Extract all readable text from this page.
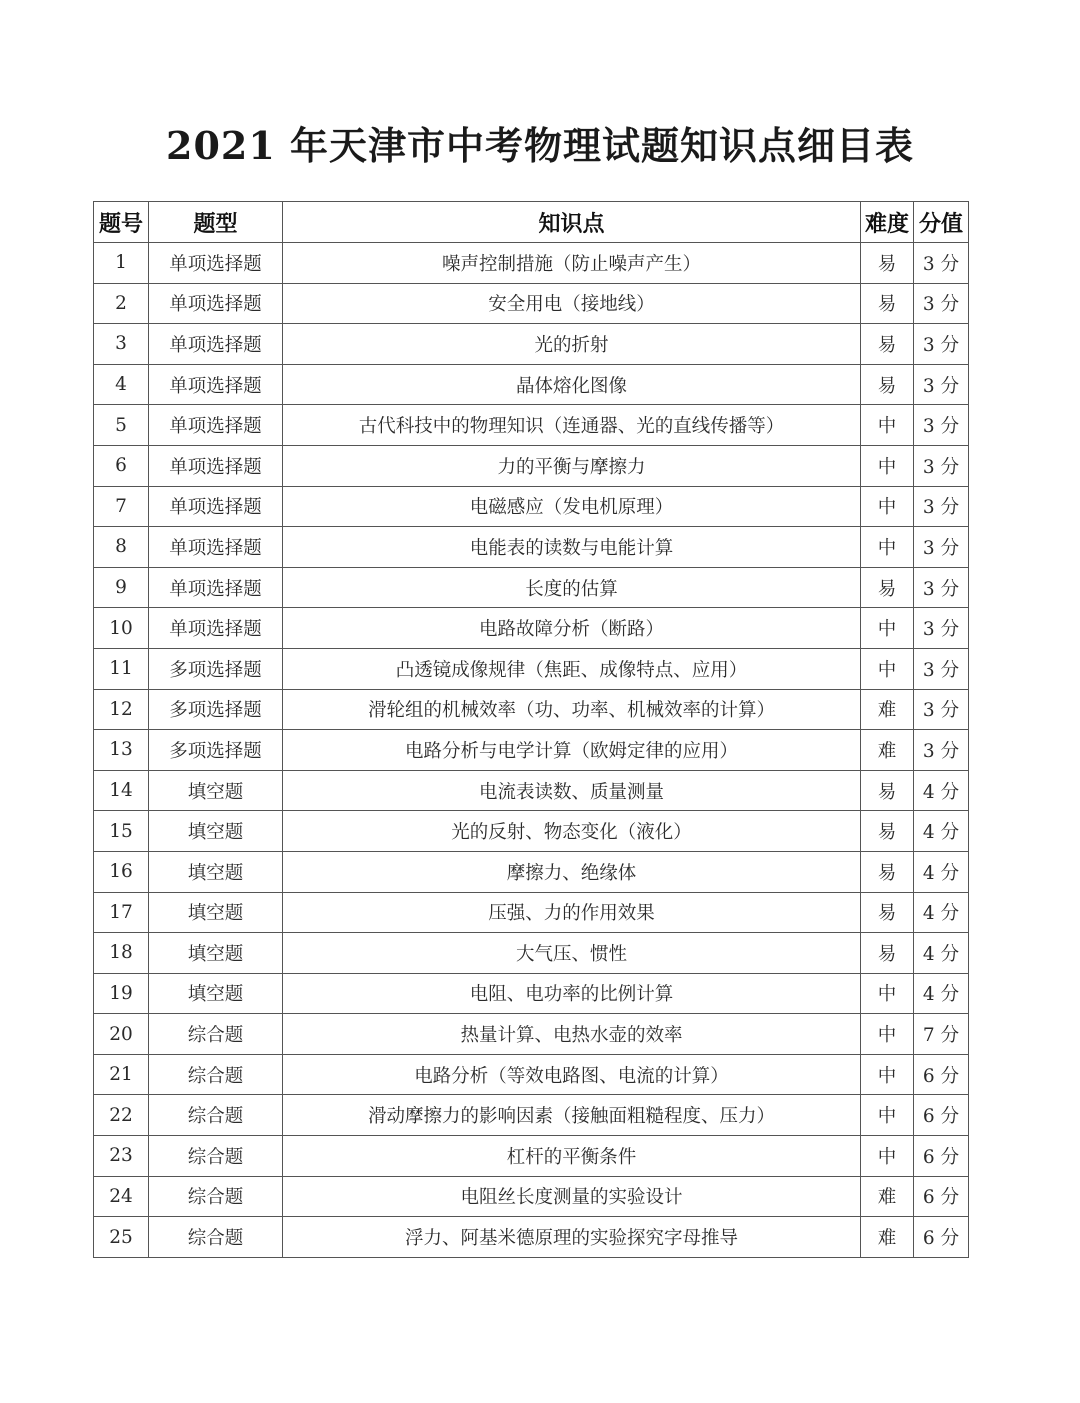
2021 年天津市中考物理试题知识点细目表
题号	题型	知识点	难度	分值
1	单项选择题	噪声控制措施（防止噪声产生）	易	3 分
2	单项选择题	安全用电（接地线）	易	3 分
3	单项选择题	光的折射	易	3 分
4	单项选择题	晶体熔化图像	易	3 分
5	单项选择题	古代科技中的物理知识（连通器、光的直线传播等）	中	3 分
6	单项选择题	力的平衡与摩擦力	中	3 分
7	单项选择题	电磁感应（发电机原理）	中	3 分
8	单项选择题	电能表的读数与电能计算	中	3 分
9	单项选择题	长度的估算	易	3 分
10	单项选择题	电路故障分析（断路）	中	3 分
11	多项选择题	凸透镜成像规律（焦距、成像特点、应用）	中	3 分
12	多项选择题	滑轮组的机械效率（功、功率、机械效率的计算）	难	3 分
13	多项选择题	电路分析与电学计算（欧姆定律的应用）	难	3 分
14	填空题	电流表读数、质量测量	易	4 分
15	填空题	光的反射、物态变化（液化）	易	4 分
16	填空题	摩擦力、绝缘体	易	4 分
17	填空题	压强、力的作用效果	易	4 分
18	填空题	大气压、惯性	易	4 分
19	填空题	电阻、电功率的比例计算	中	4 分
20	综合题	热量计算、电热水壶的效率	中	7 分
21	综合题	电路分析（等效电路图、电流的计算）	中	6 分
22	综合题	滑动摩擦力的影响因素（接触面粗糙程度、压力）	中	6 分
23	综合题	杠杆的平衡条件	中	6 分
24	综合题	电阻丝长度测量的实验设计	难	6 分
25	综合题	浮力、阿基米德原理的实验探究字母推导	难	6 分
